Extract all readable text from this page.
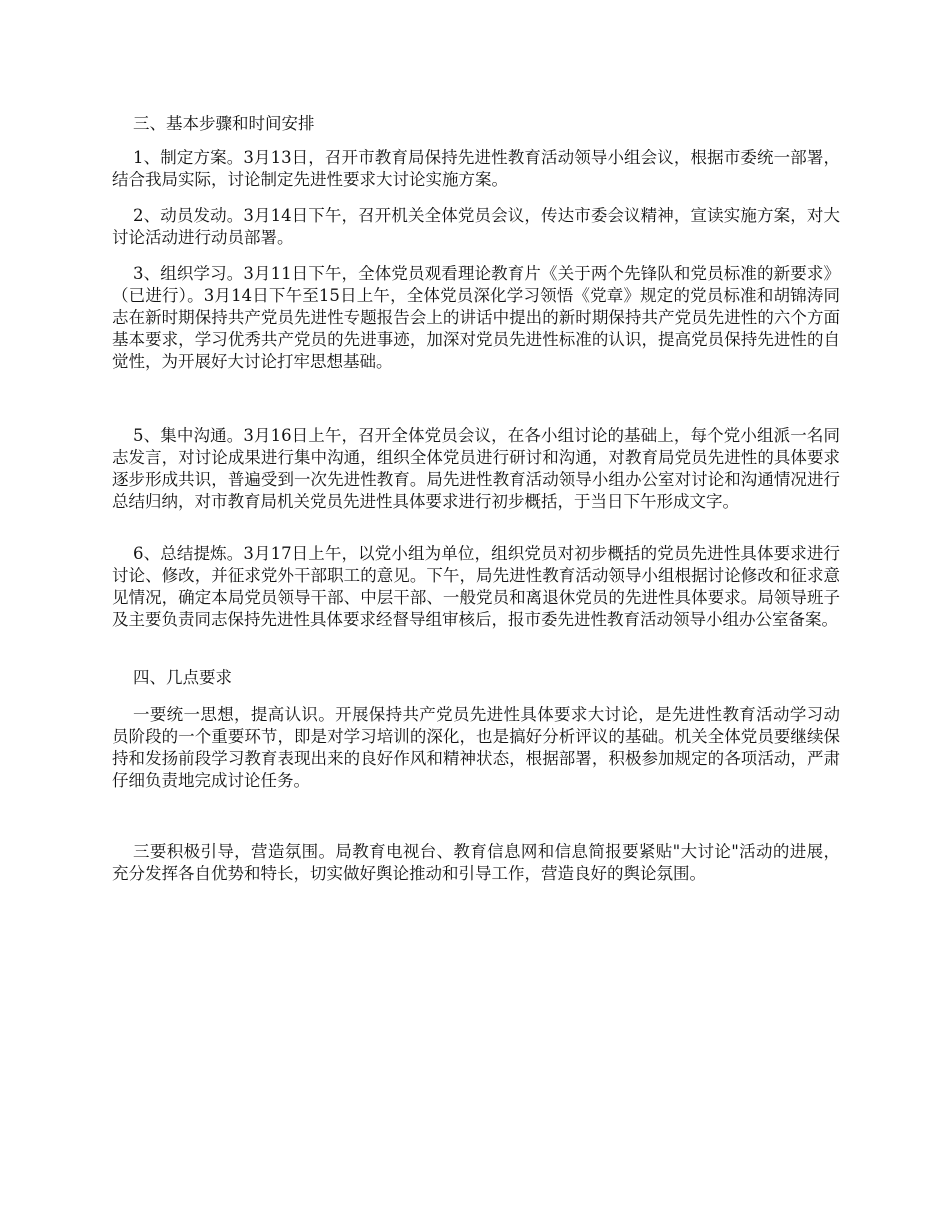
三、基本步骤和时间安排

1、制定方案。3月13日，召开市教育局保持先进性教育活动领导小组会议，根据市委统一部署，结合我局实际，讨论制定先进性要求大讨论实施方案。

2、动员发动。3月14日下午，召开机关全体党员会议，传达市委会议精神，宣读实施方案，对大讨论活动进行动员部署。

3、组织学习。3月11日下午，全体党员观看理论教育片《关于两个先锋队和党员标准的新要求》（已进行）。3月14日下午至15日上午，全体党员深化学习领悟《党章》规定的党员标准和胡锦涛同志在新时期保持共产党员先进性专题报告会上的讲话中提出的新时期保持共产党员先进性的六个方面基本要求，学习优秀共产党员的先进事迹，加深对党员先进性标准的认识，提高党员保持先进性的自觉性，为开展好大讨论打牢思想基础。

5、集中沟通。3月16日上午，召开全体党员会议，在各小组讨论的基础上，每个党小组派一名同志发言，对讨论成果进行集中沟通，组织全体党员进行研讨和沟通，对教育局党员先进性的具体要求逐步形成共识，普遍受到一次先进性教育。局先进性教育活动领导小组办公室对讨论和沟通情况进行总结归纳，对市教育局机关党员先进性具体要求进行初步概括，于当日下午形成文字。

6、总结提炼。3月17日上午，以党小组为单位，组织党员对初步概括的党员先进性具体要求进行讨论、修改，并征求党外干部职工的意见。下午，局先进性教育活动领导小组根据讨论修改和征求意见情况，确定本局党员领导干部、中层干部、一般党员和离退休党员的先进性具体要求。局领导班子及主要负责同志保持先进性具体要求经督导组审核后，报市委先进性教育活动领导小组办公室备案。

四、几点要求

一要统一思想，提高认识。开展保持共产党员先进性具体要求大讨论，是先进性教育活动学习动员阶段的一个重要环节，即是对学习培训的深化，也是搞好分析评议的基础。机关全体党员要继续保持和发扬前段学习教育表现出来的良好作风和精神状态，根据部署，积极参加规定的各项活动，严肃仔细负责地完成讨论任务。

三要积极引导，营造氛围。局教育电视台、教育信息网和信息简报要紧贴"大讨论"活动的进展，充分发挥各自优势和特长，切实做好舆论推动和引导工作，营造良好的舆论氛围。
